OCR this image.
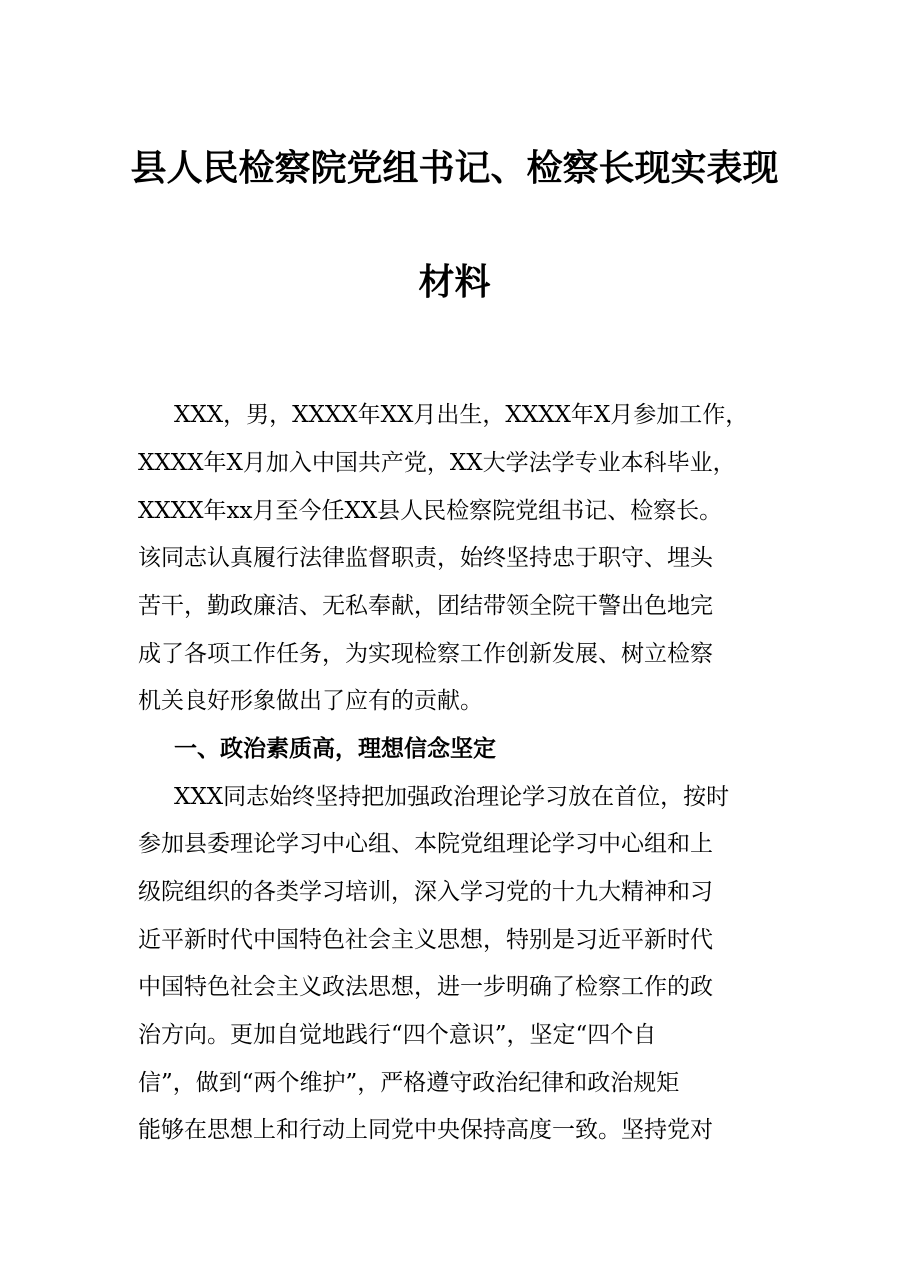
县人民检察院党组书记、检察长现实表现
材料

XXX，男，XXXX年XX月出生，XXXX年X月参加工作，

XXXX年X月加入中国共产党，XX大学法学专业本科毕业，

XXXX年xx月至今任XX县人民检察院党组书记、检察长。

该同志认真履行法律监督职责，始终坚持忠于职守、埋头

苦干，勤政廉洁、无私奉献，团结带领全院干警出色地完

成了各项工作任务，为实现检察工作创新发展、树立检察

机关良好形象做出了应有的贡献。

一、政治素质高，理想信念坚定

XXX同志始终坚持把加强政治理论学习放在首位，按时

参加县委理论学习中心组、本院党组理论学习中心组和上

级院组织的各类学习培训，深入学习党的十九大精神和习

近平新时代中国特色社会主义思想，特别是习近平新时代

中国特色社会主义政法思想，进一步明确了检察工作的政

治方向。更加自觉地践行“四个意识”，坚定“四个自

信”，做到“两个维护”，严格遵守政治纪律和政治规矩

能够在思想上和行动上同党中央保持高度一致。坚持党对
